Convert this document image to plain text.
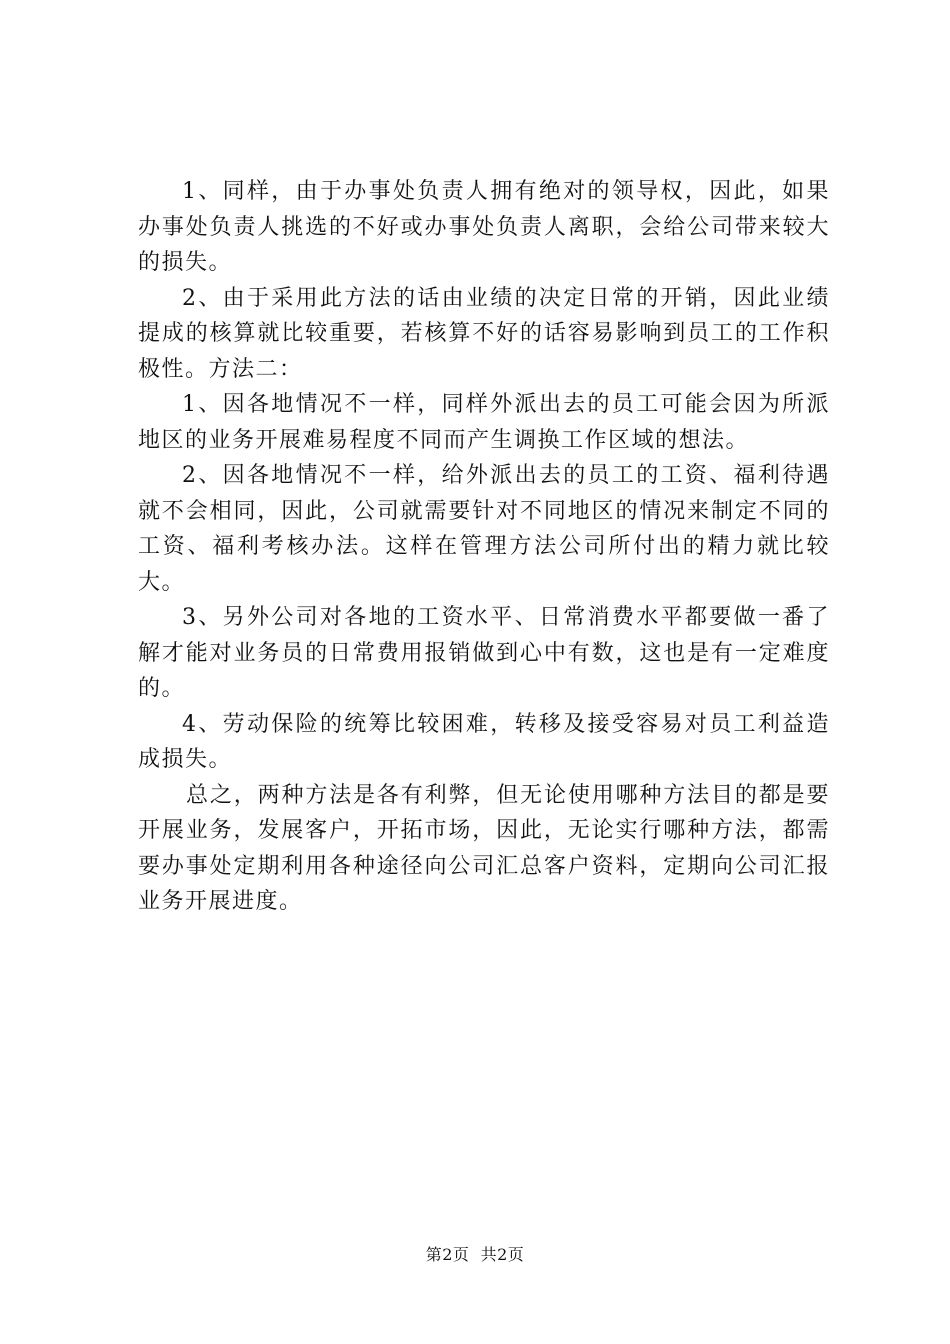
1、同样，由于办事处负责人拥有绝对的领导权，因此，如果办事处负责人挑选的不好或办事处负责人离职，会给公司带来较大的损失。

2、由于采用此方法的话由业绩的决定日常的开销，因此业绩提成的核算就比较重要，若核算不好的话容易影响到员工的工作积极性。方法二：

1、因各地情况不一样，同样外派出去的员工可能会因为所派地区的业务开展难易程度不同而产生调换工作区域的想法。

2、因各地情况不一样，给外派出去的员工的工资、福利待遇就不会相同，因此，公司就需要针对不同地区的情况来制定不同的工资、福利考核办法。这样在管理方法公司所付出的精力就比较大。

3、另外公司对各地的工资水平、日常消费水平都要做一番了解才能对业务员的日常费用报销做到心中有数，这也是有一定难度的。

4、劳动保险的统筹比较困难，转移及接受容易对员工利益造成损失。

总之，两种方法是各有利弊，但无论使用哪种方法目的都是要开展业务，发展客户，开拓市场，因此，无论实行哪种方法，都需要办事处定期利用各种途径向公司汇总客户资料，定期向公司汇报业务开展进度。

第2页 共2页
